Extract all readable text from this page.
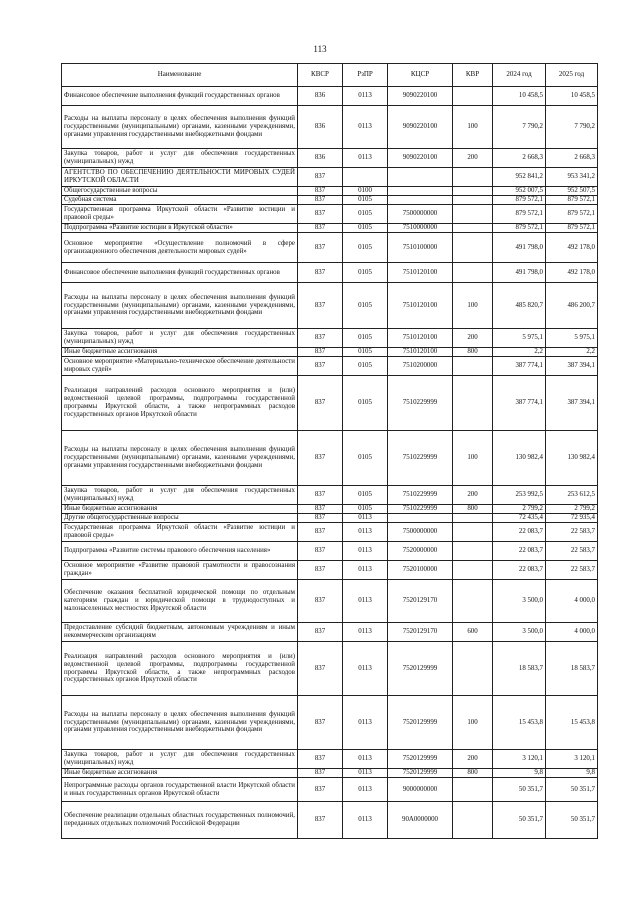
113
Наименование	КВСР	РзПР	КЦСР	КВР	2024 год	2025 год
Финансовое обеспечение выполнения функций государственных органов	836	0113	9090220100		10 458,5	10 458,5
Расходы на выплаты персоналу в целях обеспечения выполнения функций государственными (муниципальными) органами, казенными учреждениями, органами управления государственными внебюджетными фондами	836	0113	9090220100	100	7 790,2	7 790,2
Закупка товаров, работ и услуг для обеспечения государственных (муниципальных) нужд	836	0113	9090220100	200	2 668,3	2 668,3
АГЕНТСТВО ПО ОБЕСПЕЧЕНИЮ ДЕЯТЕЛЬНОСТИ МИРОВЫХ СУДЕЙ ИРКУТСКОЙ ОБЛАСТИ	837				952 841,2	953 341,2
Общегосударственные вопросы	837	0100			952 007,5	952 507,5
Судебная система	837	0105			879 572,1	879 572,1
Государственная программа Иркутской области «Развитие юстиции и правовой среды»	837	0105	7500000000		879 572,1	879 572,1
Подпрограмма «Развитие юстиции в Иркутской области»	837	0105	7510000000		879 572,1	879 572,1
Основное мероприятие «Осуществление полномочий в сфере организационного обеспечения деятельности мировых судей»	837	0105	7510100000		491 798,0	492 178,0
Финансовое обеспечение выполнения функций государственных органов	837	0105	7510120100		491 798,0	492 178,0
Расходы на выплаты персоналу в целях обеспечения выполнения функций государственными (муниципальными) органами, казенными учреждениями, органами управления государственными внебюджетными фондами	837	0105	7510120100	100	485 820,7	486 200,7
Закупка товаров, работ и услуг для обеспечения государственных (муниципальных) нужд	837	0105	7510120100	200	5 975,1	5 975,1
Иные бюджетные ассигнования	837	0105	7510120100	800	2,2	2,2
Основное мероприятие «Материально-техническое обеспечение деятельности мировых судей»	837	0105	7510200000		387 774,1	387 394,1
Реализация направлений расходов основного мероприятия и (или) ведомственной целевой программы, подпрограммы государственной программы Иркутской области, а также непрограммных расходов государственных органов Иркутской области	837	0105	7510229999		387 774,1	387 394,1
Расходы на выплаты персоналу в целях обеспечения выполнения функций государственными (муниципальными) органами, казенными учреждениями, органами управления государственными внебюджетными фондами	837	0105	7510229999	100	130 982,4	130 982,4
Закупка товаров, работ и услуг для обеспечения государственных (муниципальных) нужд	837	0105	7510229999	200	253 992,5	253 612,5
Иные бюджетные ассигнования	837	0105	7510229999	800	2 799,2	2 799,2
Другие общегосударственные вопросы	837	0113			72 435,4	72 935,4
Государственная программа Иркутской области «Развитие юстиции и правовой среды»	837	0113	7500000000		22 083,7	22 583,7
Подпрограмма «Развитие системы правового обеспечения населения»	837	0113	7520000000		22 083,7	22 583,7
Основное мероприятие «Развитие правовой грамотности и правосознания граждан»	837	0113	7520100000		22 083,7	22 583,7
Обеспечение оказания бесплатной юридической помощи по отдельным категориям граждан и юридической помощи в труднодоступных и малонаселенных местностях Иркутской области	837	0113	7520129170		3 500,0	4 000,0
Предоставление субсидий бюджетным, автономным учреждениям и иным некоммерческим организациям	837	0113	7520129170	600	3 500,0	4 000,0
Реализация направлений расходов основного мероприятия и (или) ведомственной целевой программы, подпрограммы государственной программы Иркутской области, а также непрограммных расходов государственных органов Иркутской области	837	0113	7520129999		18 583,7	18 583,7
Расходы на выплаты персоналу в целях обеспечения выполнения функций государственными (муниципальными) органами, казенными учреждениями, органами управления государственными внебюджетными фондами	837	0113	7520129999	100	15 453,8	15 453,8
Закупка товаров, работ и услуг для обеспечения государственных (муниципальных) нужд	837	0113	7520129999	200	3 120,1	3 120,1
Иные бюджетные ассигнования	837	0113	7520129999	800	9,8	9,8
Непрограммные расходы органов государственной власти Иркутской области и иных государственных органов Иркутской области	837	0113	9000000000		50 351,7	50 351,7
Обеспечение реализации отдельных областных государственных полномочий, переданных отдельных полномочий Российской Федерации	837	0113	90А0000000		50 351,7	50 351,7
